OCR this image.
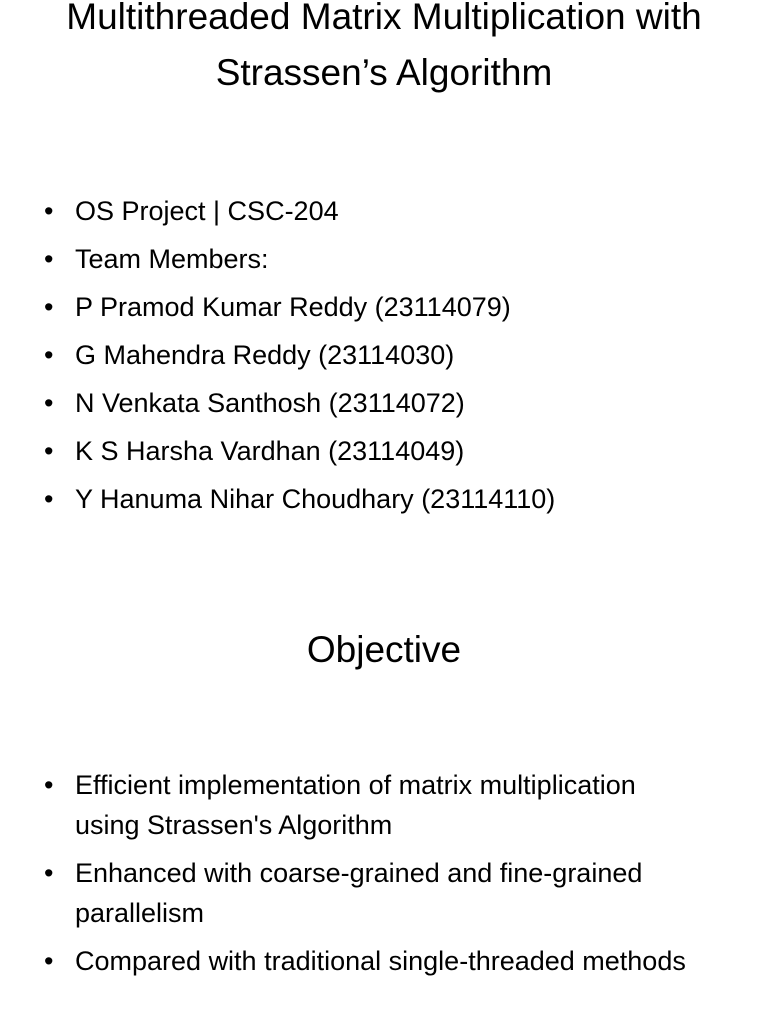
Multithreaded Matrix Multiplication with Strassen’s Algorithm
• OS Project | CSC-204
• Team Members:
• P Pramod Kumar Reddy (23114079)
• G Mahendra Reddy (23114030)
• N Venkata Santhosh (23114072)
• K S Harsha Vardhan (23114049)
• Y Hanuma Nihar Choudhary (23114110)
Objective
• Efficient implementation of matrix multiplication using Strassen's Algorithm
• Enhanced with coarse-grained and fine-grained parallelism
• Compared with traditional single-threaded methods
